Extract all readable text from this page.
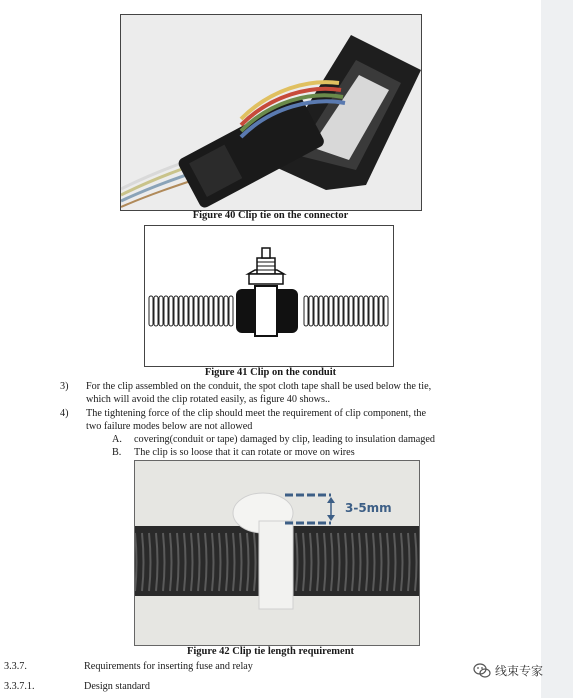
Figure 40 Clip tie on the connector
Figure 41 Clip on the conduit
3) For the clip assembled on the conduit, the spot cloth tape shall be used below the tie,
which will avoid the clip rotated easily, as figure 40 shows..
4) The tightening force of the clip should meet the requirement of clip component, the
two failure modes below are not allowed
A. covering(conduit or tape) damaged by clip, leading to insulation damaged
B. The clip is so loose that it can rotate or move on wires
3-5mm
Figure 42 Clip tie length requirement
3.3.7.	Requirements for inserting fuse and relay
3.3.7.1.	Design standard
线束专家
